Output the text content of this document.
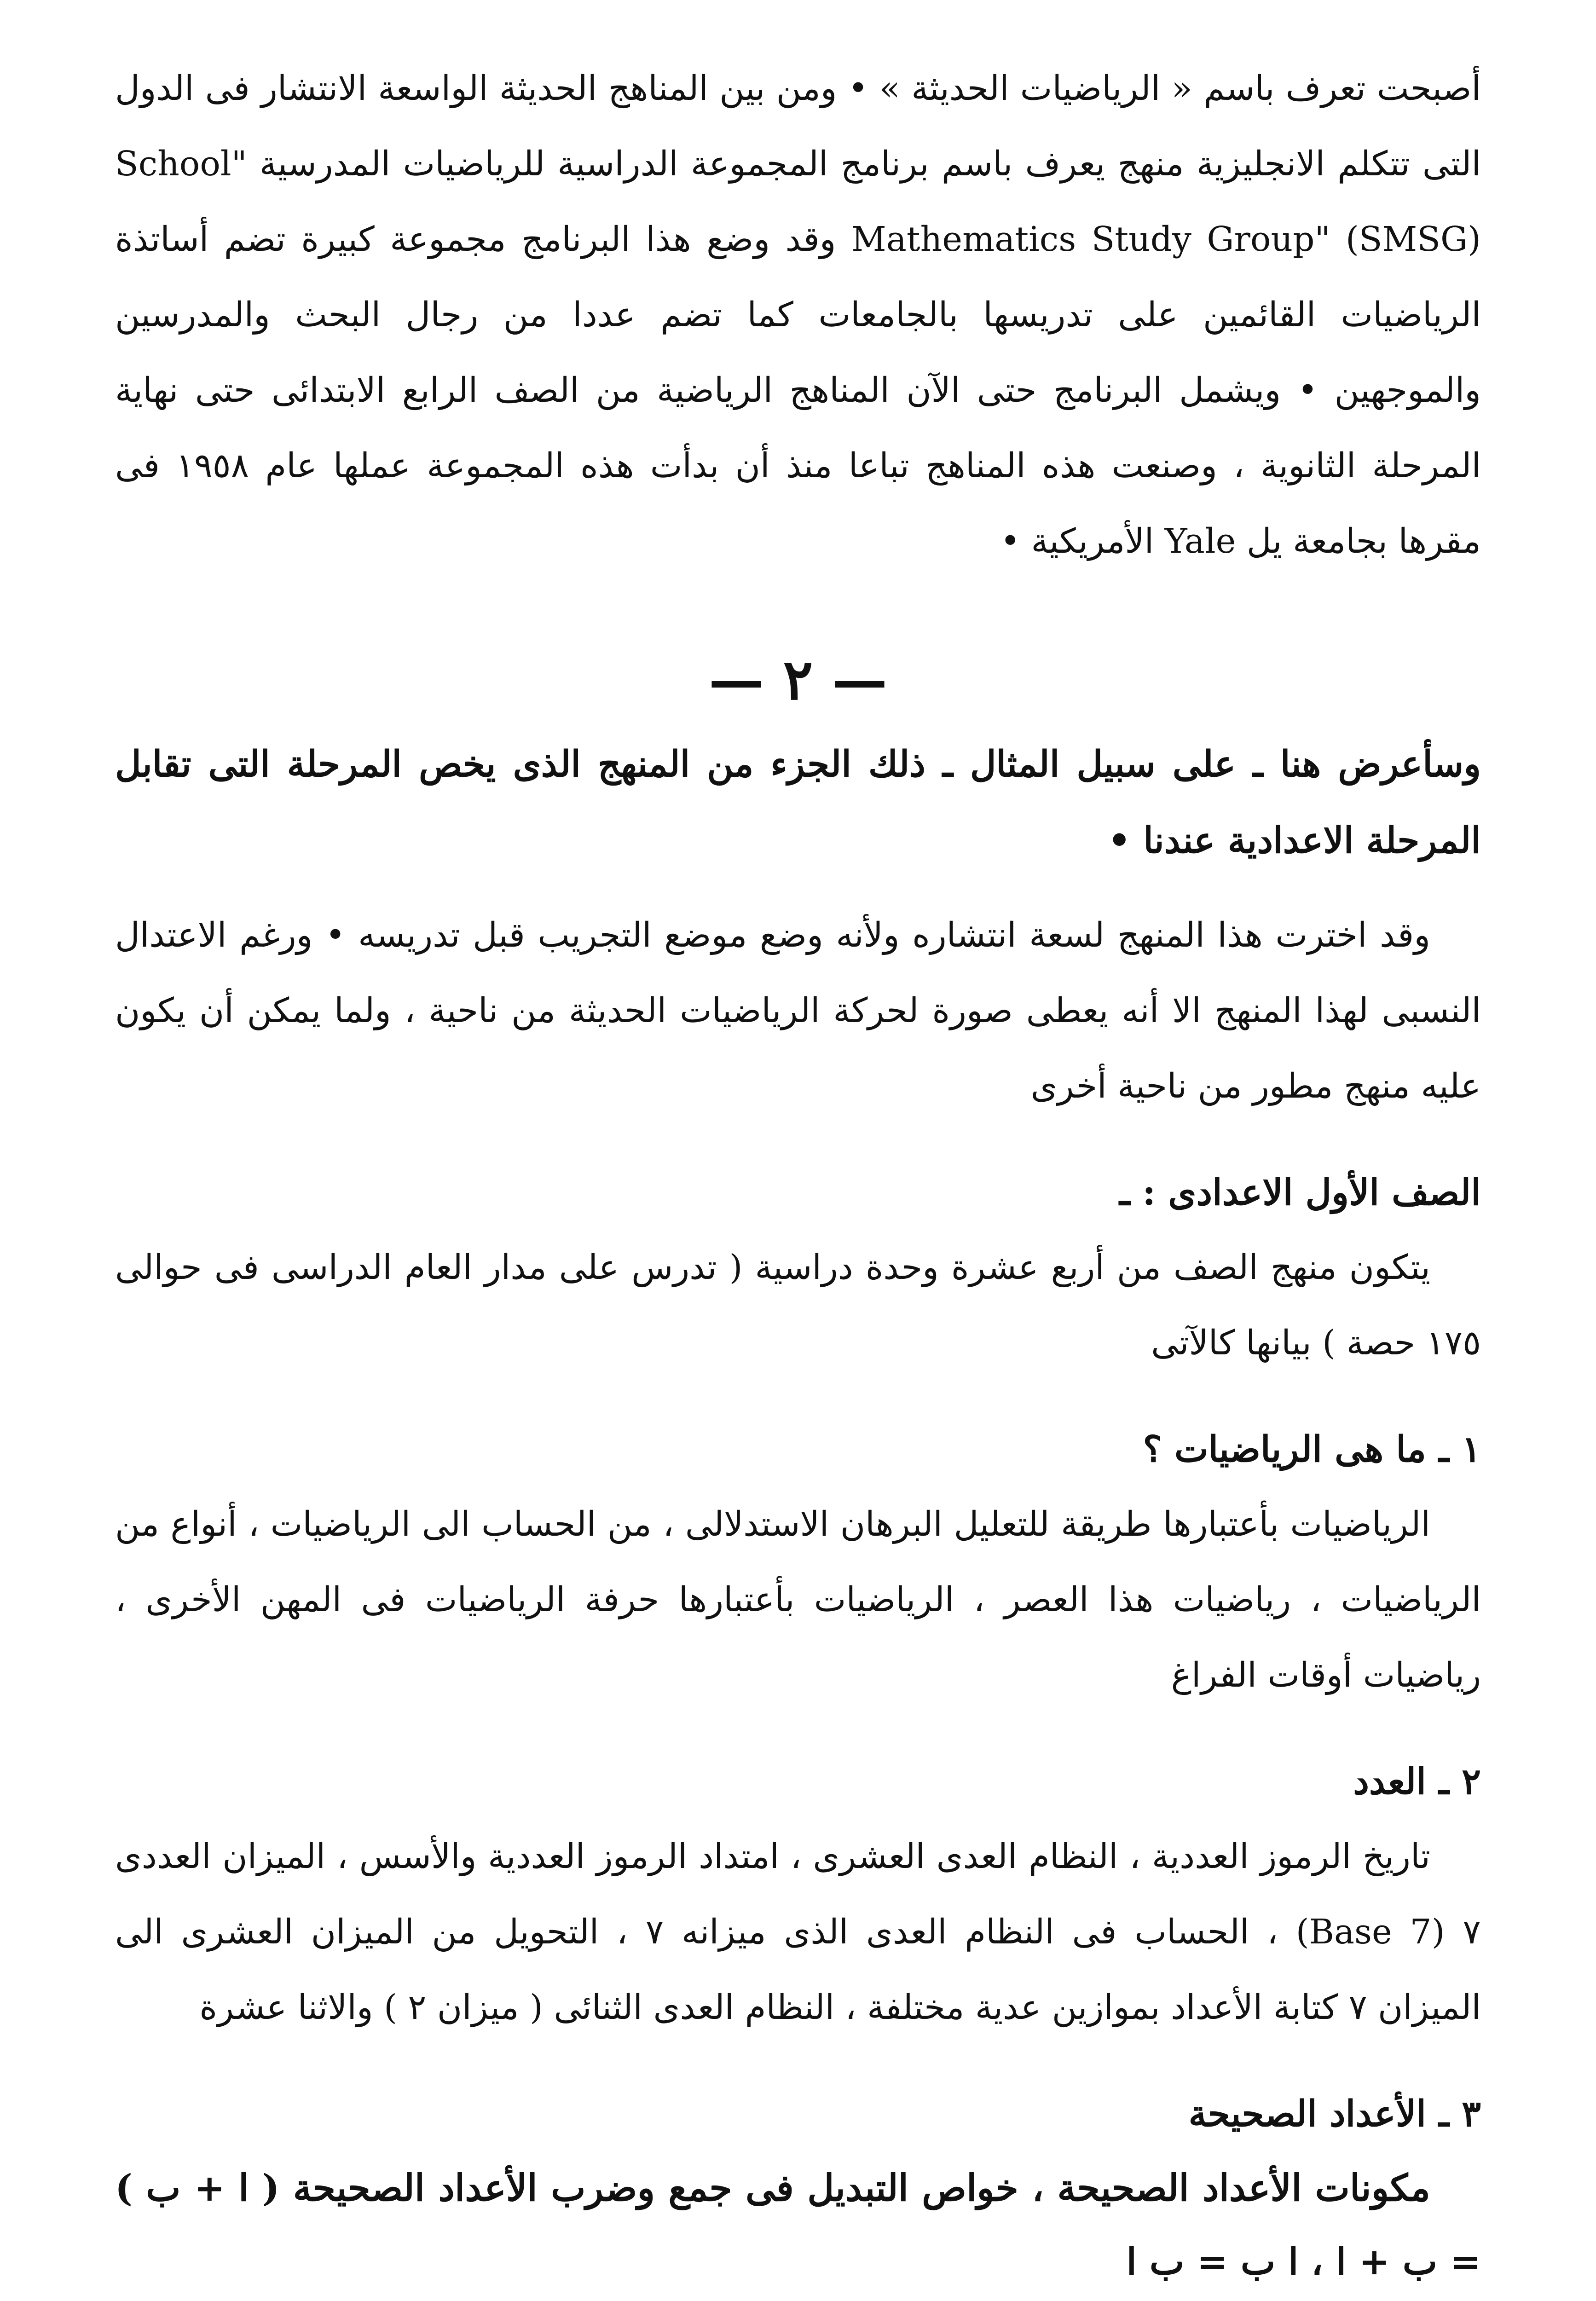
أصبحت تعرف باسم « الرياضيات الحديثة » • ومن بين المناهج الحديثة الواسعة الانتشار فى الدول التى تتكلم الانجليزية منهج يعرف باسم برنامج المجموعة الدراسية للرياضيات المدرسية "School Mathematics Study Group" (SMSG) وقد وضع هذا البرنامج مجموعة كبيرة تضم أساتذة الرياضيات القائمين على تدريسها بالجامعات كما تضم عددا من رجال البحث والمدرسين والموجهين • ويشمل البرنامج حتى الآن المناهج الرياضية من الصف الرابع الابتدائى حتى نهاية المرحلة الثانوية ، وصنعت هذه المناهج تباعا منذ أن بدأت هذه المجموعة عملها عام ١٩٥٨ فى مقرها بجامعة يل Yale الأمريكية •

— ٢ —

وسأعرض هنا ـ على سبيل المثال ـ ذلك الجزء من المنهج الذى يخص المرحلة التى تقابل المرحلة الاعدادية عندنا •

وقد اخترت هذا المنهج لسعة انتشاره ولأنه وضع موضع التجريب قبل تدريسه • ورغم الاعتدال النسبى لهذا المنهج الا أنه يعطى صورة لحركة الرياضيات الحديثة من ناحية ، ولما يمكن أن يكون عليه منهج مطور من ناحية أخرى

الصف الأول الاعدادى : ـ

يتكون منهج الصف من أربع عشرة وحدة دراسية ( تدرس على مدار العام الدراسى فى حوالى ١٧٥ حصة ) بيانها كالآتى

١ ـ ما هى الرياضيات ؟

الرياضيات بأعتبارها طريقة للتعليل البرهان الاستدلالى ، من الحساب الى الرياضيات ، أنواع من الرياضيات ، رياضيات هذا العصر ، الرياضيات بأعتبارها حرفة الرياضيات فى المهن الأخرى ، رياضيات أوقات الفراغ

٢ ـ العدد

تاريخ الرموز العددية ، النظام العدى العشرى ، امتداد الرموز العددية والأسس ، الميزان العددى ٧ (Base 7) ، الحساب فى النظام العدى الذى ميزانه ٧ ، التحويل من الميزان العشرى الى الميزان ٧ كتابة الأعداد بموازين عدية مختلفة ، النظام العدى الثنائى ( ميزان ٢ ) والاثنا عشرة

٣ ـ الأعداد الصحيحة

مكونات الأعداد الصحيحة ، خواص التبديل فى جمع وضرب الأعداد الصحيحة ( ا + ب ) = ب + ا ، ا ب = ب ا
